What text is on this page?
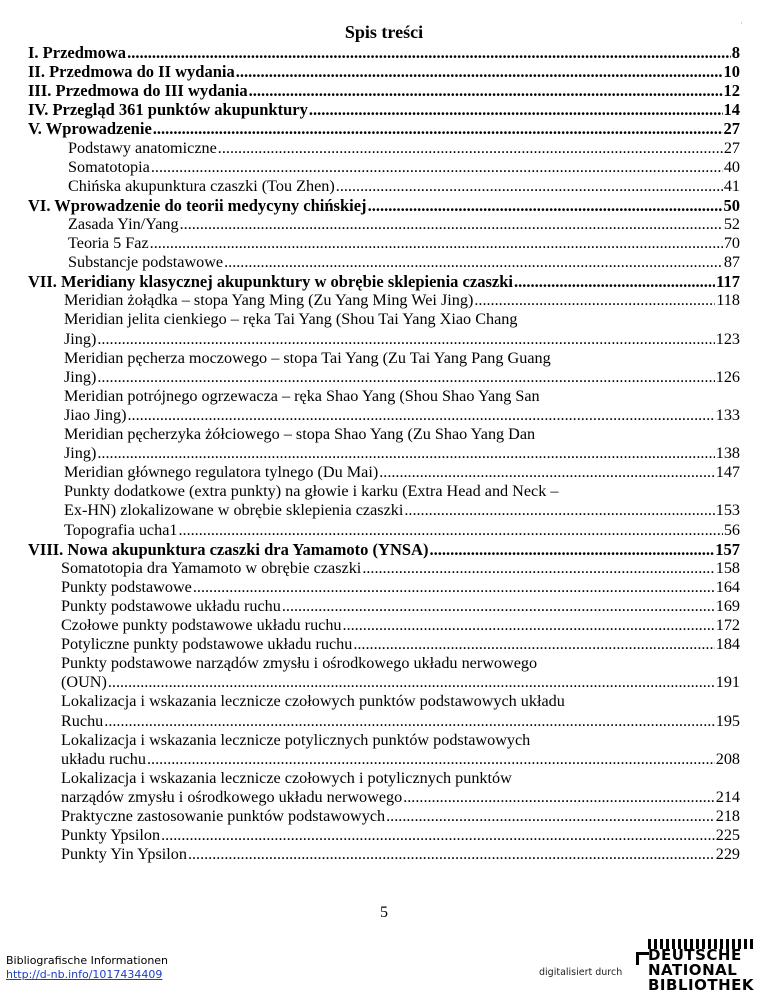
Spis treści	·
I. Przedmowa .....	8
II. Przedmowa do II wydania .....	10
III. Przedmowa do III wydania .....	12
IV. Przegląd 361 punktów akupunktury .....	14
V. Wprowadzenie .....	27
Podstawy anatomiczne .....	27
Somatotopia .....	40
Chińska akupunktura czaszki (Tou Zhen) .....	41
VI. Wprowadzenie do teorii medycyny chińskiej .....	50
Zasada Yin/Yang .....	52
Teoria 5 Faz .....	70
Substancje podstawowe .....	87
VII. Meridiany klasycznej akupunktury w obrębie sklepienia czaszki .....	117
Meridian żołądka – stopa Yang Ming (Zu Yang Ming Wei Jing) .....	118
Meridian jelita cienkiego – ręka Tai Yang (Shou Tai Yang Xiao Chang
Jing) .....	123
Meridian pęcherza moczowego – stopa Tai Yang (Zu Tai Yang Pang Guang
Jing) .....	126
Meridian potrójnego ogrzewacza – ręka Shao Yang (Shou Shao Yang San
Jiao Jing) .....	133
Meridian pęcherzyka żółciowego – stopa Shao Yang (Zu Shao Yang Dan
Jing) .....	138
Meridian głównego regulatora tylnego (Du Mai) .....	147
Punkty dodatkowe (extra punkty) na głowie i karku (Extra Head and Neck –
Ex-HN) zlokalizowane w obrębie sklepienia czaszki .....	153
Topografia ucha1 .....	56
VIII. Nowa akupunktura czaszki dra Yamamoto (YNSA) .....	157
Somatotopia dra Yamamoto w obrębie czaszki .....	158
Punkty podstawowe .....	164
Punkty podstawowe układu ruchu .....	169
Czołowe punkty podstawowe układu ruchu .....	172
Potyliczne punkty podstawowe układu ruchu .....	184
Punkty podstawowe narządów zmysłu i ośrodkowego układu nerwowego
(OUN) .....	191
Lokalizacja i wskazania lecznicze czołowych punktów podstawowych układu
Ruchu .....	195
Lokalizacja i wskazania lecznicze potylicznych punktów podstawowych
układu ruchu .....	208
Lokalizacja i wskazania lecznicze czołowych i potylicznych punktów
narządów zmysłu i ośrodkowego układu nerwowego .....	214
Praktyczne zastosowanie punktów podstawowych .....	218
Punkty Ypsilon .....	225
Punkty Yin Ypsilon .....	229
5
Bibliografische Informationen
http://d-nb.info/1017434409	digitalisiert durch
DEUTSCHE
NATIONAL
BIBLIOTHEK
